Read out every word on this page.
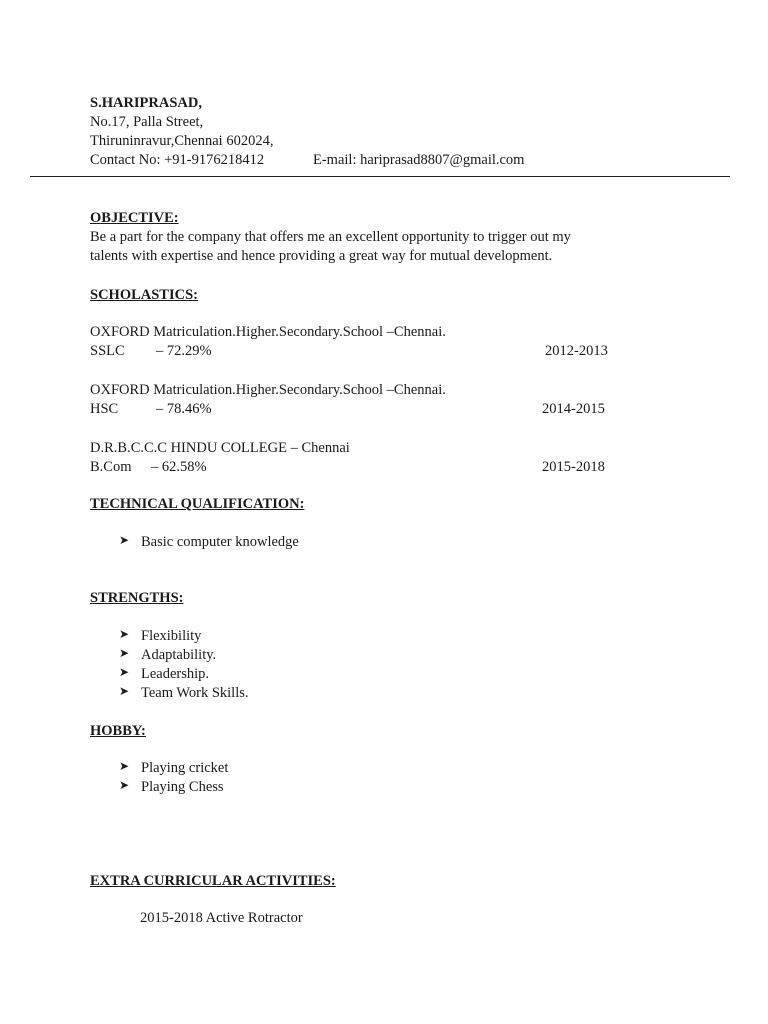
S.HARIPRASAD,
No.17, Palla Street,
Thiruninravur,Chennai 602024,
Contact No: +91-9176218412	E-mail: hariprasad8807@gmail.com
OBJECTIVE:
Be a part for the company that offers me an excellent opportunity to trigger out my
talents with expertise and hence providing a great way for mutual development.
SCHOLASTICS:
OXFORD Matriculation.Higher.Secondary.School –Chennai.
SSLC – 72.29%	2012-2013
OXFORD Matriculation.Higher.Secondary.School –Chennai.
HSC	– 78.46%	2014-2015
D.R.B.C.C.C HINDU COLLEGE – Chennai
B.Com – 62.58%	2015-2018
TECHNICAL QUALIFICATION:
➤ Basic computer knowledge
STRENGTHS:
➤ Flexibility
➤ Adaptability.
➤ Leadership.
➤ Team Work Skills.
HOBBY:
➤ Playing cricket
➤ Playing Chess
EXTRA CURRICULAR ACTIVITIES:
2015-2018 Active Rotractor
